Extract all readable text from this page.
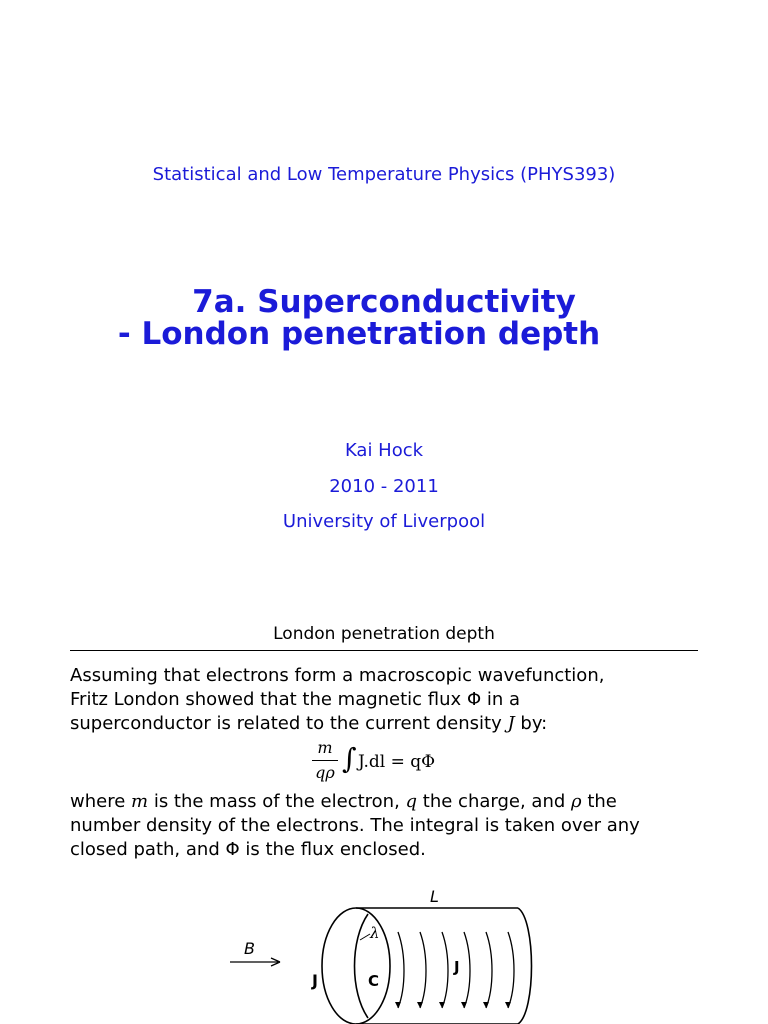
Statistical and Low Temperature Physics (PHYS393)
7a. Superconductivity
- London penetration depth
Kai Hock
2010 - 2011
University of Liverpool
London penetration depth
Assuming that electrons form a macroscopic wavefunction,
Fritz London showed that the magnetic flux Φ in a
superconductor is related to the current density J by:
m
qρ ∫ J.dl = qΦ
where m is the mass of the electron, q the charge, and ρ the
number density of the electrons. The integral is taken over any
closed path, and Φ is the flux enclosed.
L
B
λ
J	C
J
